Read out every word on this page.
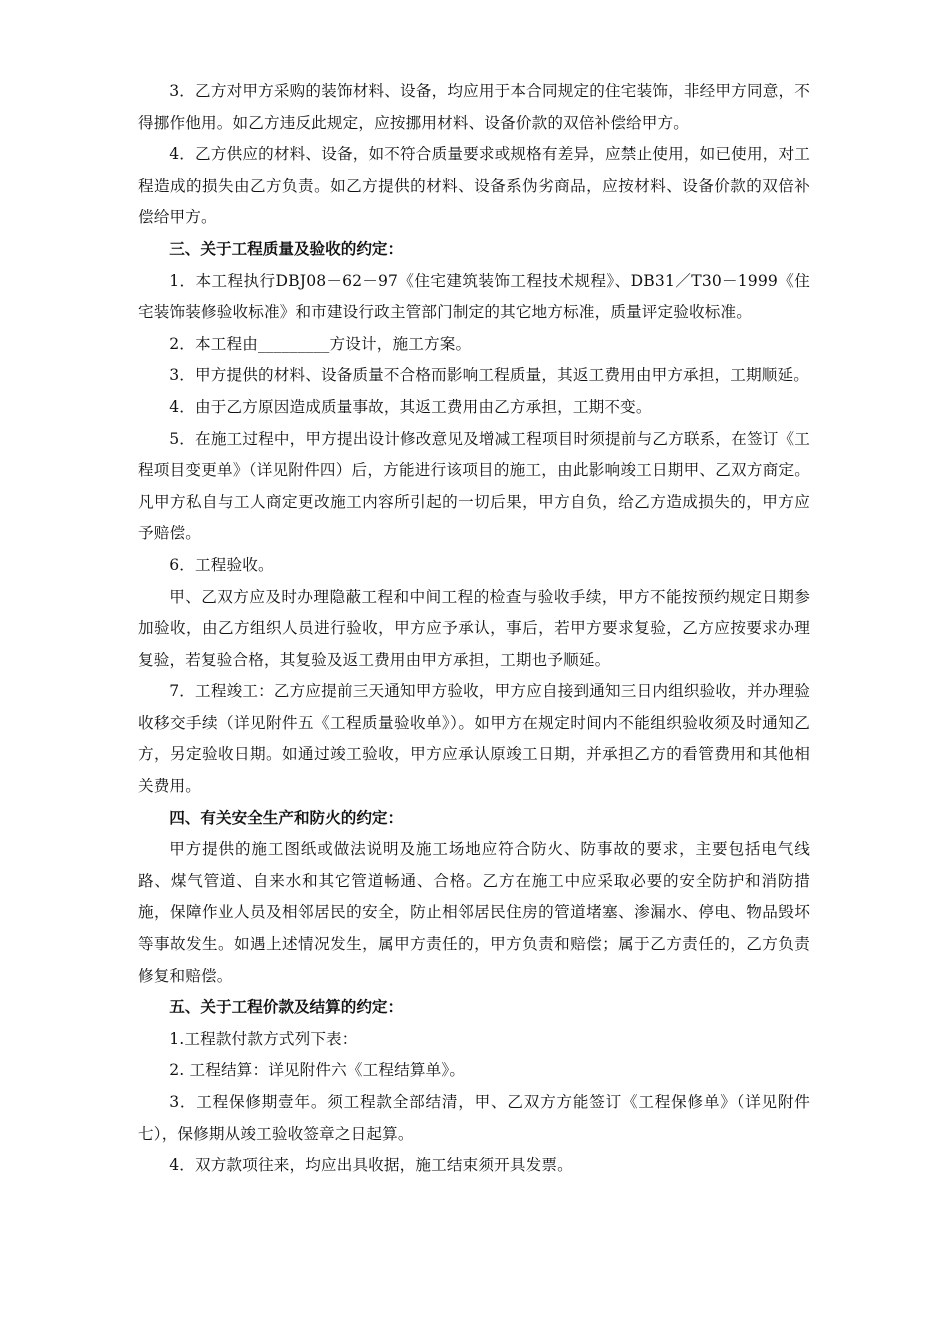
3．乙方对甲方采购的装饰材料、设备，均应用于本合同规定的住宅装饰，非经甲方同意，不得挪作他用。如乙方违反此规定，应按挪用材料、设备价款的双倍补偿给甲方。

4．乙方供应的材料、设备，如不符合质量要求或规格有差异，应禁止使用，如已使用，对工程造成的损失由乙方负责。如乙方提供的材料、设备系伪劣商品，应按材料、设备价款的双倍补偿给甲方。

三、关于工程质量及验收的约定：

1．本工程执行DBJ08－62－97《住宅建筑装饰工程技术规程》、DB31／T30－1999《住宅装饰装修验收标准》和市建设行政主管部门制定的其它地方标准，质量评定验收标准。

2．本工程由_________方设计，施工方案。

3．甲方提供的材料、设备质量不合格而影响工程质量，其返工费用由甲方承担，工期顺延。

4．由于乙方原因造成质量事故，其返工费用由乙方承担，工期不变。

5．在施工过程中，甲方提出设计修改意见及增减工程项目时须提前与乙方联系，在签订《工程项目变更单》（详见附件四）后，方能进行该项目的施工，由此影响竣工日期甲、乙双方商定。凡甲方私自与工人商定更改施工内容所引起的一切后果，甲方自负，给乙方造成损失的，甲方应予赔偿。

6．工程验收。

甲、乙双方应及时办理隐蔽工程和中间工程的检查与验收手续，甲方不能按预约规定日期参加验收，由乙方组织人员进行验收，甲方应予承认，事后，若甲方要求复验，乙方应按要求办理复验，若复验合格，其复验及返工费用由甲方承担，工期也予顺延。

7．工程竣工：乙方应提前三天通知甲方验收，甲方应自接到通知三日内组织验收，并办理验收移交手续（详见附件五《工程质量验收单》）。如甲方在规定时间内不能组织验收须及时通知乙方，另定验收日期。如通过竣工验收，甲方应承认原竣工日期，并承担乙方的看管费用和其他相关费用。

四、有关安全生产和防火的约定：

甲方提供的施工图纸或做法说明及施工场地应符合防火、防事故的要求，主要包括电气线路、煤气管道、自来水和其它管道畅通、合格。乙方在施工中应采取必要的安全防护和消防措施，保障作业人员及相邻居民的安全，防止相邻居民住房的管道堵塞、渗漏水、停电、物品毁坏等事故发生。如遇上述情况发生，属甲方责任的，甲方负责和赔偿；属于乙方责任的，乙方负责修复和赔偿。

五、关于工程价款及结算的约定：

1.工程款付款方式列下表：

2. 工程结算：详见附件六《工程结算单》。

3．工程保修期壹年。须工程款全部结清，甲、乙双方方能签订《工程保修单》（详见附件七），保修期从竣工验收签章之日起算。

4．双方款项往来，均应出具收据，施工结束须开具发票。
